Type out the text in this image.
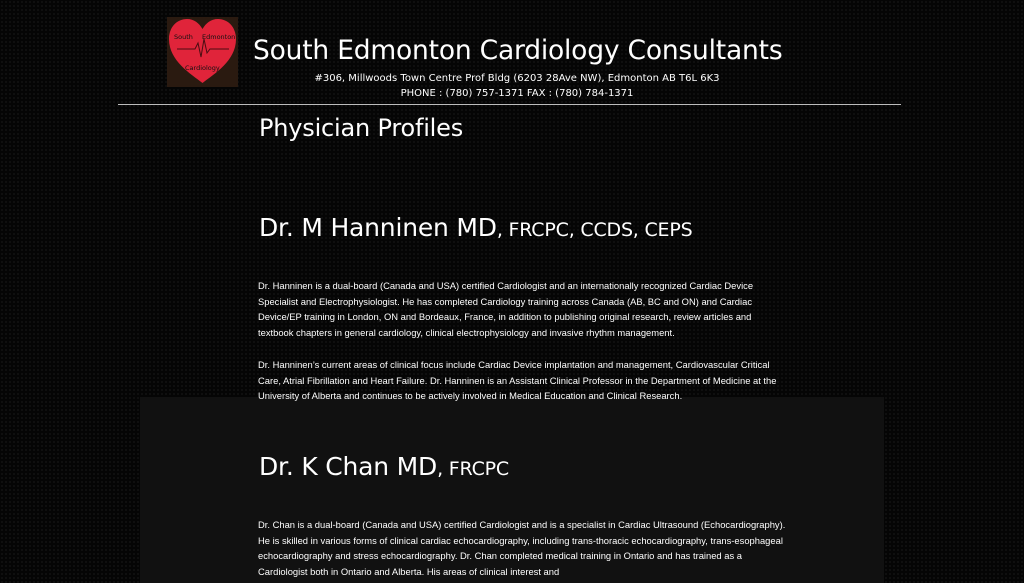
South Edmonton
Cardiology
South Edmonton Cardiology Consultants
#306, Millwoods Town Centre Prof Bldg (6203 28Ave NW), Edmonton AB T6L 6K3
PHONE : (780) 757-1371 FAX : (780) 784-1371
Physician Profiles
Dr. M Hanninen MD, FRCPC, CCDS, CEPS

Dr. Hanninen is a dual-board (Canada and USA) certified Cardiologist and an internationally recognized Cardiac Device Specialist and Electrophysiologist. He has completed Cardiology training across Canada (AB, BC and ON) and Cardiac Device/EP training in London, ON and Bordeaux, France, in addition to publishing original research, review articles and textbook chapters in general cardiology, clinical electrophysiology and invasive rhythm management.

Dr. Hanninen’s current areas of clinical focus include Cardiac Device implantation and management, Cardiovascular Critical Care, Atrial Fibrillation and Heart Failure. Dr. Hanninen is an Assistant Clinical Professor in the Department of Medicine at the University of Alberta and continues to be actively involved in Medical Education and Clinical Research.

Dr. K Chan MD, FRCPC

Dr. Chan is a dual-board (Canada and USA) certified Cardiologist and is a specialist in Cardiac Ultrasound (Echocardiography). He is skilled in various forms of clinical cardiac echocardiography, including trans-thoracic echocardiography, trans-esophageal echocardiography and stress echocardiography. Dr. Chan completed medical training in Ontario and has trained as a Cardiologist both in Ontario and Alberta. His areas of clinical interest and
